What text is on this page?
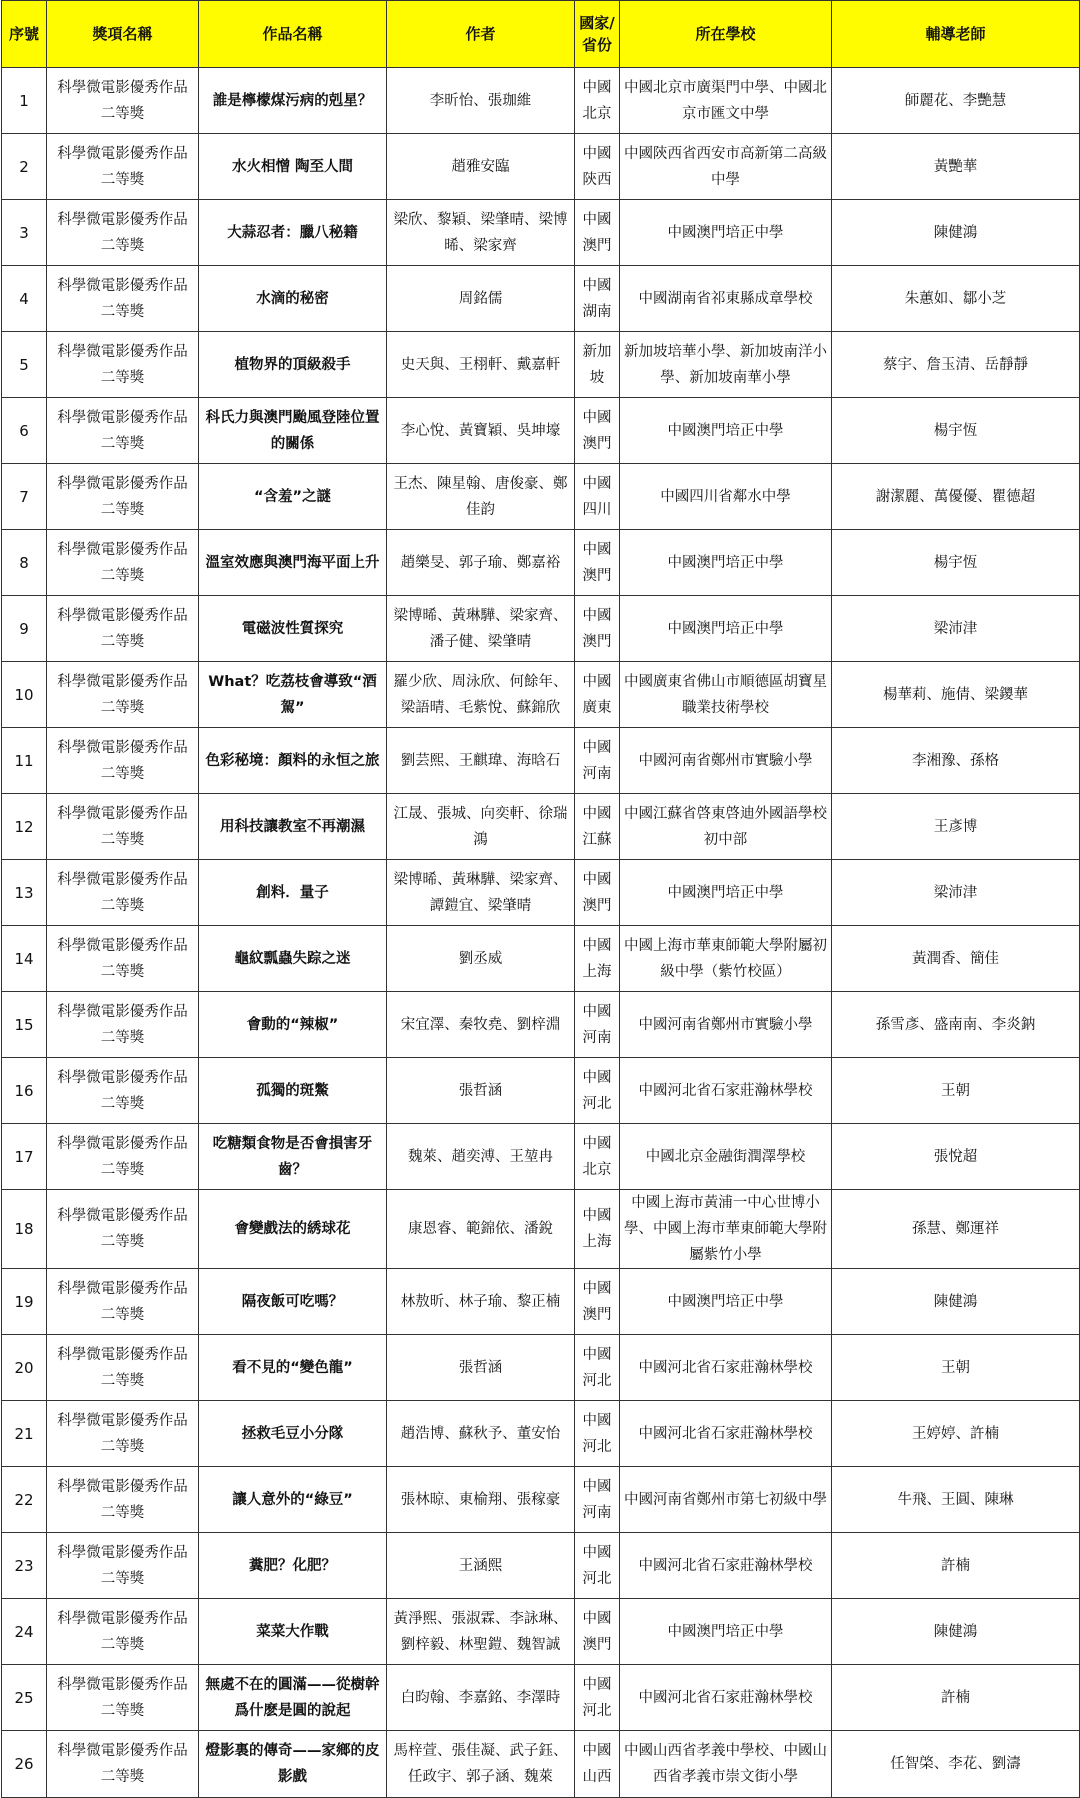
序號	獎項名稱	作品名稱	作者	國家/省份	所在學校	輔導老師
1	科學微電影優秀作品二等獎	誰是檸檬煤污病的剋星？	李昕怡、張珈維	中國北京	中國北京市廣渠門中學、中國北京市匯文中學	師麗花、李艷慧
2	科學微電影優秀作品二等獎	水火相憎 陶至人間	趙雅安臨	中國陝西	中國陝西省西安市高新第二高級中學	黃艷華
3	科學微電影優秀作品二等獎	大蒜忍者：臘八秘籍	梁欣、黎穎、梁肇晴、梁博晞、梁家齊	中國澳門	中國澳門培正中學	陳健鴻
4	科學微電影優秀作品二等獎	水滴的秘密	周銘儒	中國湖南	中國湖南省祁東縣成章學校	朱蕙如、鄒小芝
5	科學微電影優秀作品二等獎	植物界的頂級殺手	史天與、王栩軒、戴嘉軒	新加坡	新加坡培華小學、新加坡南洋小學、新加坡南華小學	蔡宇、詹玉清、岳靜靜
6	科學微電影優秀作品二等獎	科氏力與澳門颱風登陸位置的關係	李心悅、黃寶穎、吳坤壕	中國澳門	中國澳門培正中學	楊宇恆
7	科學微電影優秀作品二等獎	“含羞”之謎	王杰、陳星翰、唐俊豪、鄭佳韵	中國四川	中國四川省鄰水中學	謝潔麗、萬優優、瞿德超
8	科學微電影優秀作品二等獎	溫室效應與澳門海平面上升	趙樂旻、郭子瑜、鄭嘉裕	中國澳門	中國澳門培正中學	楊宇恆
9	科學微電影優秀作品二等獎	電磁波性質探究	梁博晞、黃琳驊、梁家齊、潘子健、梁肇晴	中國澳門	中國澳門培正中學	梁沛津
10	科學微電影優秀作品二等獎	What？吃荔枝會導致“酒駕”	羅少欣、周泳欣、何餘年、梁語晴、毛紫悅、蘇錦欣	中國廣東	中國廣東省佛山市順德區胡寶星職業技術學校	楊華莉、施倩、梁鑁華
11	科學微電影優秀作品二等獎	色彩秘境：顏料的永恒之旅	劉芸熙、王麒瑋、海晗石	中國河南	中國河南省鄭州市實驗小學	李湘豫、孫格
12	科學微電影優秀作品二等獎	用科技讓教室不再潮濕	江晟、張城、向奕軒、徐瑞鴻	中國江蘇	中國江蘇省啓東啓迪外國語學校初中部	王彥博
13	科學微電影優秀作品二等獎	創料．量子	梁博晞、黃琳驊、梁家齊、譚鎧宜、梁肇晴	中國澳門	中國澳門培正中學	梁沛津
14	科學微電影優秀作品二等獎	龜紋瓢蟲失踪之迷	劉丞威	中國上海	中國上海市華東師範大學附屬初級中學（紫竹校區）	黃潤香、簡佳
15	科學微電影優秀作品二等獎	會動的“辣椒”	宋宜澤、秦牧堯、劉梓淵	中國河南	中國河南省鄭州市實驗小學	孫雪彥、盛南南、李炎鈉
16	科學微電影優秀作品二等獎	孤獨的斑鱉	張哲涵	中國河北	中國河北省石家莊瀚林學校	王朝
17	科學微電影優秀作品二等獎	吃糖類食物是否會損害牙齒？	魏萊、趙奕溥、王堃冉	中國北京	中國北京金融街潤澤學校	張悅超
18	科學微電影優秀作品二等獎	會變戲法的綉球花	康恩睿、範錦依、潘銳	中國上海	中國上海市黃浦一中心世博小學、中國上海市華東師範大學附屬紫竹小學	孫慧、鄭運祥
19	科學微電影優秀作品二等獎	隔夜飯可吃嗎？	林敖昕、林子瑜、黎正楠	中國澳門	中國澳門培正中學	陳健鴻
20	科學微電影優秀作品二等獎	看不見的“變色龍”	張哲涵	中國河北	中國河北省石家莊瀚林學校	王朝
21	科學微電影優秀作品二等獎	拯救毛豆小分隊	趙浩博、蘇秋予、董安怡	中國河北	中國河北省石家莊瀚林學校	王婷婷、許楠
22	科學微電影優秀作品二等獎	讓人意外的“綠豆”	張林晾、東榆翔、張稼豪	中國河南	中國河南省鄭州市第七初級中學	牛飛、王圓、陳琳
23	科學微電影優秀作品二等獎	糞肥？化肥？	王涵熙	中國河北	中國河北省石家莊瀚林學校	許楠
24	科學微電影優秀作品二等獎	菜菜大作戰	黃淨熙、張淑霖、李詠琳、劉梓毅、林聖鎧、魏智誠	中國澳門	中國澳門培正中學	陳健鴻
25	科學微電影優秀作品二等獎	無處不在的圓滿——從樹幹爲什麽是圓的說起	白昀翰、李嘉銘、李澤時	中國河北	中國河北省石家莊瀚林學校	許楠
26	科學微電影優秀作品二等獎	燈影裏的傳奇——家鄉的皮影戲	馬梓萱、張佳凝、武子鈺、任政宇、郭子涵、魏萊	中國山西	中國山西省孝義中學校、中國山西省孝義市崇文街小學	任智棨、李花、劉濤
